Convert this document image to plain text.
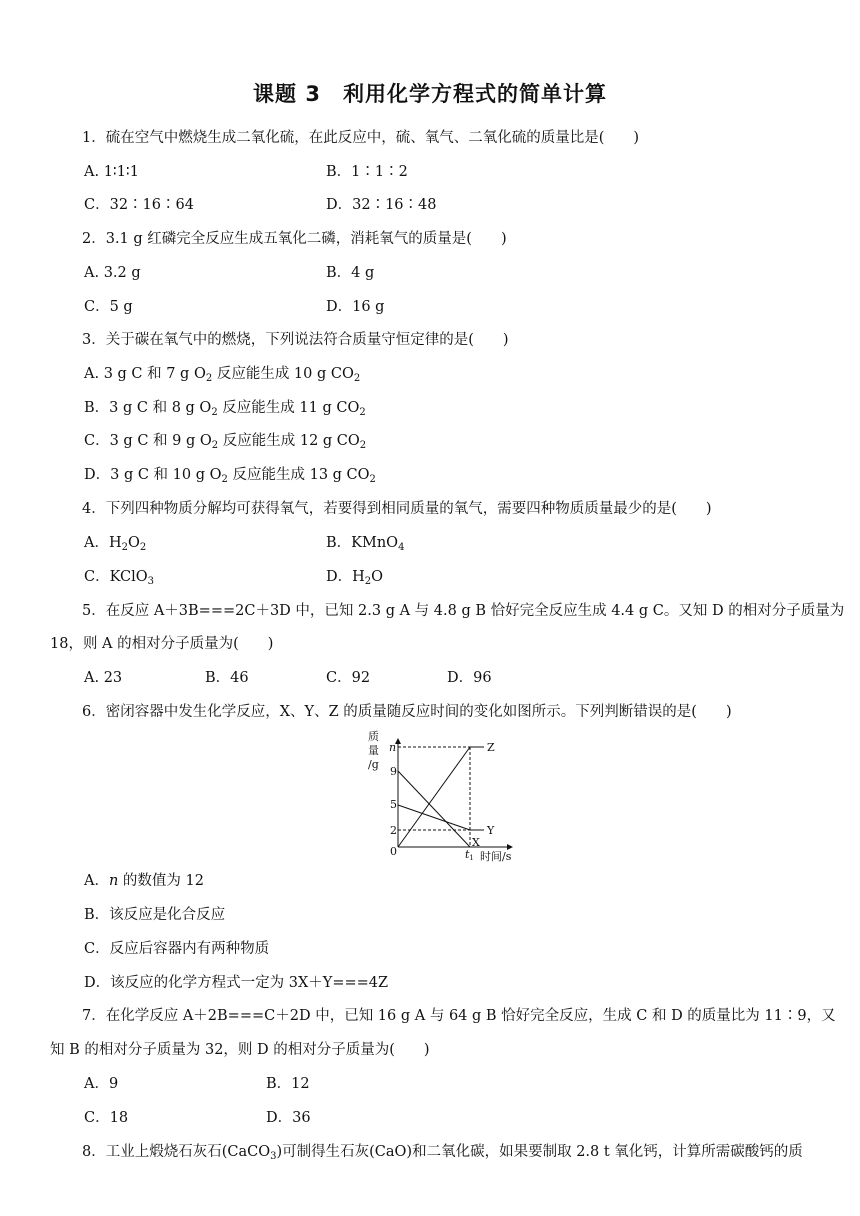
课题 3　利用化学方程式的简单计算
1．硫在空气中燃烧生成二氧化硫，在此反应中，硫、氧气、二氧化硫的质量比是(　　)
A. 1∶1∶1	B．1∶1∶2
C．32∶16∶64	D．32∶16∶48
2．3.1 g 红磷完全反应生成五氧化二磷，消耗氧气的质量是(　　)
A. 3.2 g	B．4 g
C．5 g	D．16 g
3．关于碳在氧气中的燃烧，下列说法符合质量守恒定律的是(　　)
A. 3 g C 和 7 g $O_2$ 反应能生成 10 g $CO_2$
B．3 g C 和 8 g $O_2$ 反应能生成 11 g $CO_2$
C．3 g C 和 9 g $O_2$ 反应能生成 12 g $CO_2$
D．3 g C 和 10 g $O_2$ 反应能生成 13 g $CO_2$
4．下列四种物质分解均可获得氧气，若要得到相同质量的氧气，需要四种物质质量最少的是(　　)
A．$H_2O_2$	B．KMnO$_4$
C．KClO$_3$	D．$H_2O$
5．在反应 A＋3B===2C＋3D 中，已知 2.3 g A 与 4.8 g B 恰好完全反应生成 4.4 g C。又知 D 的相对分子质量为
18，则 A 的相对分子质量为(　　)
A. 23	B．46	C．92	D．96
6．密闭容器中发生化学反应，X、Y、Z 的质量随反应时间的变化如图所示。下列判断错误的是(　　)
质
量
/g
时间/s
n
9
5
2
0
Z
X
Y
t1
A．n 的数值为 12
B．该反应是化合反应
C．反应后容器内有两种物质
D．该反应的化学方程式一定为 3X＋Y===4Z
7．在化学反应 A＋2B===C＋2D 中，已知 16 g A 与 64 g B 恰好完全反应，生成 C 和 D 的质量比为 11∶9，又
知 B 的相对分子质量为 32，则 D 的相对分子质量为(　　)
A．9	B．12
C．18	D．36
8．工业上煅烧石灰石(CaCO$_3$)可制得生石灰(CaO)和二氧化碳，如果要制取 2.8 t 氧化钙，计算所需碳酸钙的质
